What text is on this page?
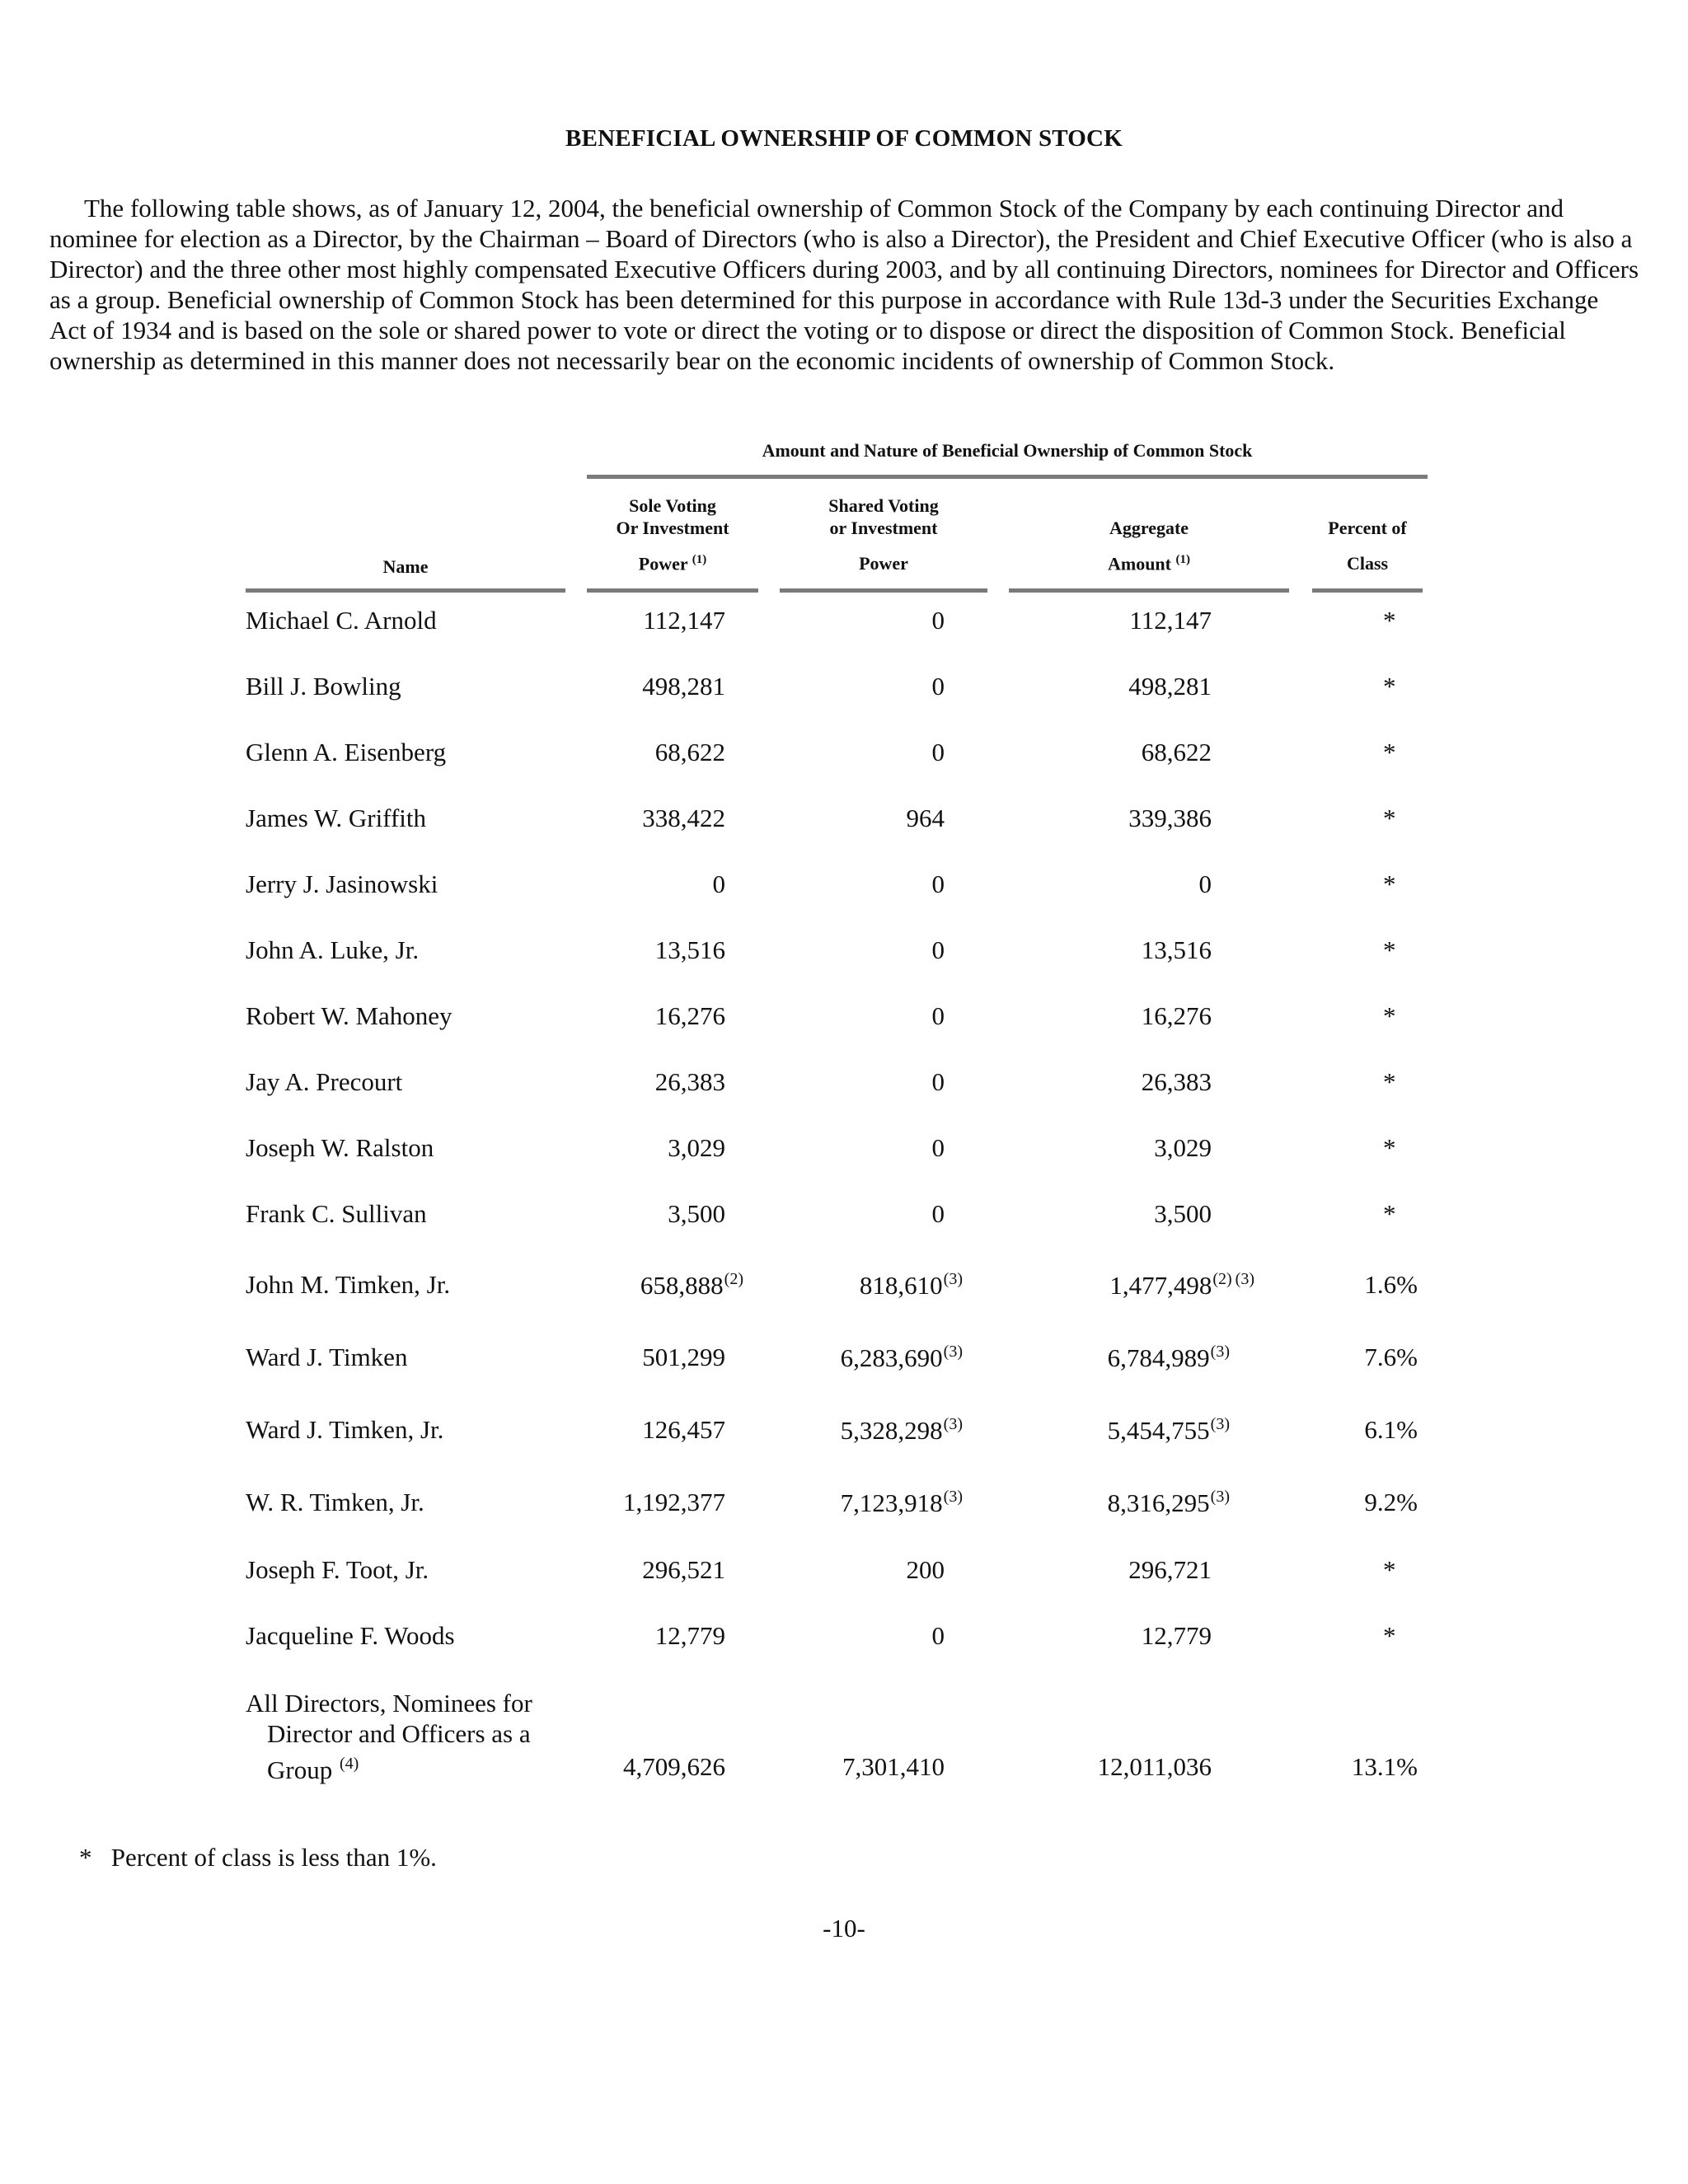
BENEFICIAL OWNERSHIP OF COMMON STOCK

The following table shows, as of January 12, 2004, the beneficial ownership of Common Stock of the Company by each continuing Director and nominee for election as a Director, by the Chairman – Board of Directors (who is also a Director), the President and Chief Executive Officer (who is also a Director) and the three other most highly compensated Executive Officers during 2003, and by all continuing Directors, nominees for Director and Officers as a group. Beneficial ownership of Common Stock has been determined for this purpose in accordance with Rule 13d-3 under the Securities Exchange Act of 1934 and is based on the sole or shared power to vote or direct the voting or to dispose or direct the disposition of Common Stock. Beneficial ownership as determined in this manner does not necessarily bear on the economic incidents of ownership of Common Stock.

Amount and Nature of Beneficial Ownership of Common Stock
Name
Sole Voting
Or Investment
Power $^{(1)}$
Shared Voting
or Investment
Power
Aggregate
Amount $^{(1)}$
Percent of
Class
Michael C. Arnold	112,147	0	112,147	*
Bill J. Bowling	498,281	0	498,281	*
Glenn A. Eisenberg	68,622	0	68,622	*
James W. Griffith	338,422	964	339,386	*
Jerry J. Jasinowski	0	0	0	*
John A. Luke, Jr.	13,516	0	13,516	*
Robert W. Mahoney	16,276	0	16,276	*
Jay A. Precourt	26,383	0	26,383	*
Joseph W. Ralston	3,029	0	3,029	*
Frank C. Sullivan	3,500	0	3,500	*
John M. Timken, Jr.	658,888$^{(2)}$	818,610$^{(3)}$	1,477,498$^{(2)}$ $^{(3)}$	1.6%
Ward J. Timken	501,299	6,283,690$^{(3)}$	6,784,989$^{(3)}$	7.6%
Ward J. Timken, Jr.	126,457	5,328,298$^{(3)}$	5,454,755$^{(3)}$	6.1%
W. R. Timken, Jr.	1,192,377	7,123,918$^{(3)}$	8,316,295$^{(3)}$	9.2%
Joseph F. Toot, Jr.	296,521	200	296,721	*
Jacqueline F. Woods	12,779	0	12,779	*
All Directors, Nominees for
Director and Officers as a
Group $^{(4)}$	4,709,626	7,301,410	12,011,036	13.1%
*   Percent of class is less than 1%.
-10-
